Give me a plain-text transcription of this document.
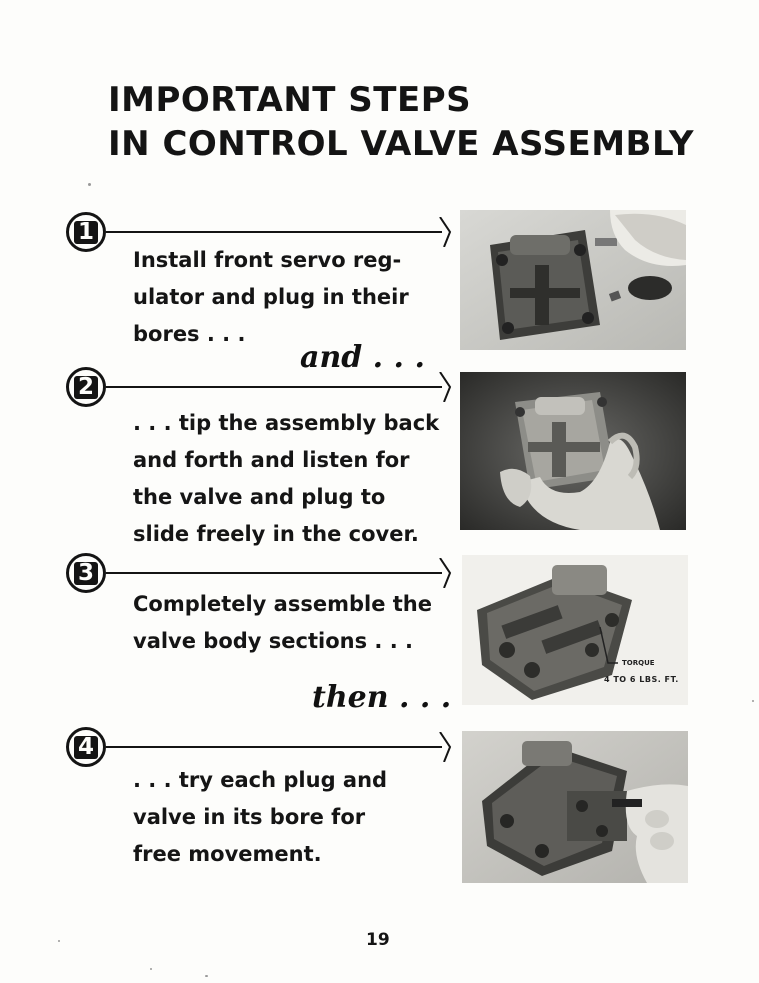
IMPORTANT STEPS
IN CONTROL VALVE ASSEMBLY
1
Install front servo reg-
ulator and plug in their
bores . . .
and . . .
2
. . . tip the assembly back
and forth and listen for
the valve and plug to
slide freely in the cover.
3
Completely assemble the
valve body sections . . .
TORQUE
4 TO 6 LBS. FT.
then . . .
4
. . . try each plug and
valve in its bore for
free movement.
19
